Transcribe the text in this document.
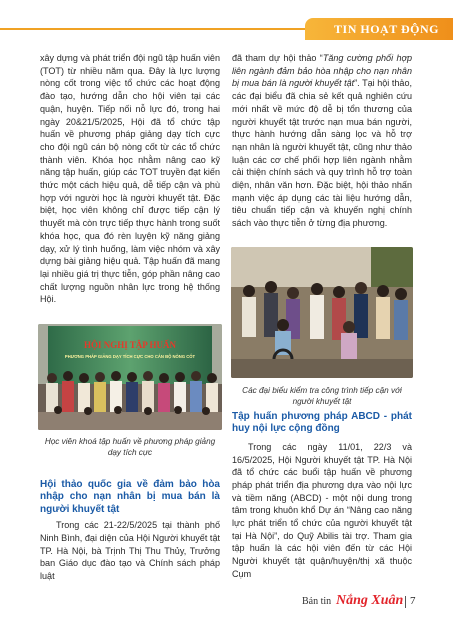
TIN HOẠT ĐỘNG

xây dựng và phát triển đội ngũ tập huấn viên (TOT) từ nhiều năm qua. Đây là lực lượng nòng cốt trong việc tổ chức các hoạt động đào tạo, hướng dẫn cho hội viên tại các quận, huyện. Tiếp nối nỗ lực đó, trong hai ngày 20&21/5/2025, Hội đã tổ chức tập huấn về phương pháp giảng dạy tích cực cho đội ngũ cán bộ nòng cốt từ các tổ chức thành viên. Khóa học nhằm nâng cao kỹ năng tập huấn, giúp các TOT truyền đạt kiến thức một cách hiệu quả, dễ tiếp cận và phù hợp với người học là người khuyết tật. Đặc biệt, học viên không chỉ được tiếp cận lý thuyết mà còn trực tiếp thực hành trong suốt khóa học, qua đó rèn luyện kỹ năng giảng dạy, xử lý tình huống, làm việc nhóm và xây dựng bài giảng hiệu quả. Tập huấn đã mang lại nhiều giá trị thực tiễn, góp phần nâng cao chất lượng nguồn nhân lực trong hệ thống Hội.

HỘI NGHỊ TẬP HUẤN
PHƯƠNG PHÁP GIẢNG DẠY TÍCH CỰC CHO CÁN BỘ NÒNG CỐT
Học viên khoá tập huấn về phương pháp giảng dạy tích cực

Hội thảo quốc gia về đảm bảo hòa nhập cho nạn nhân bị mua bán là người khuyết tật

Trong các 21-22/5/2025 tại thành phố Ninh Bình, đại diện của Hội Người khuyết tật TP. Hà Nội, bà Trịnh Thị Thu Thủy, Trưởng ban Giáo dục đào tạo và Chính sách pháp luật

đã tham dự hội thảo “Tăng cường phối hợp liên ngành đảm bảo hòa nhập cho nạn nhân bị mua bán là người khuyết tật”. Tại hội thảo, các đại biểu đã chia sẻ kết quả nghiên cứu mới nhất về mức độ dễ bị tổn thương của người khuyết tật trước nạn mua bán người, thực hành hướng dẫn sàng lọc và hỗ trợ nạn nhân là người khuyết tật, cũng như thảo luận các cơ chế phối hợp liên ngành nhằm cải thiện chính sách và quy trình hỗ trợ toàn diện, nhân văn hơn. Đặc biệt, hội thảo nhấn mạnh việc áp dụng các tài liệu hướng dẫn, tiêu chuẩn tiếp cận và khuyến nghị chính sách vào thực tiễn ở từng địa phương.

Các đại biểu kiểm tra công trình tiếp cận với người khuyết tật

Tập huấn phương pháp ABCD - phát huy nội lực cộng đồng

Trong các ngày 11/01, 22/3 và 16/5/2025, Hội Người khuyết tật TP. Hà Nội đã tổ chức các buổi tập huấn về phương pháp phát triển địa phương dựa vào nội lực và tiềm năng (ABCD) - một nội dung trong tâm trong khuôn khổ Dự án “Nâng cao năng lực phát triển tổ chức của người khuyết tật tại Hà Nội”, do Quỹ Abilis tài trợ. Tham gia tập huấn là các hội viên đến từ các Hội Người khuyết tật quận/huyện/thị xã thuộc Cụm

Bản tin Nắng Xuân 7
